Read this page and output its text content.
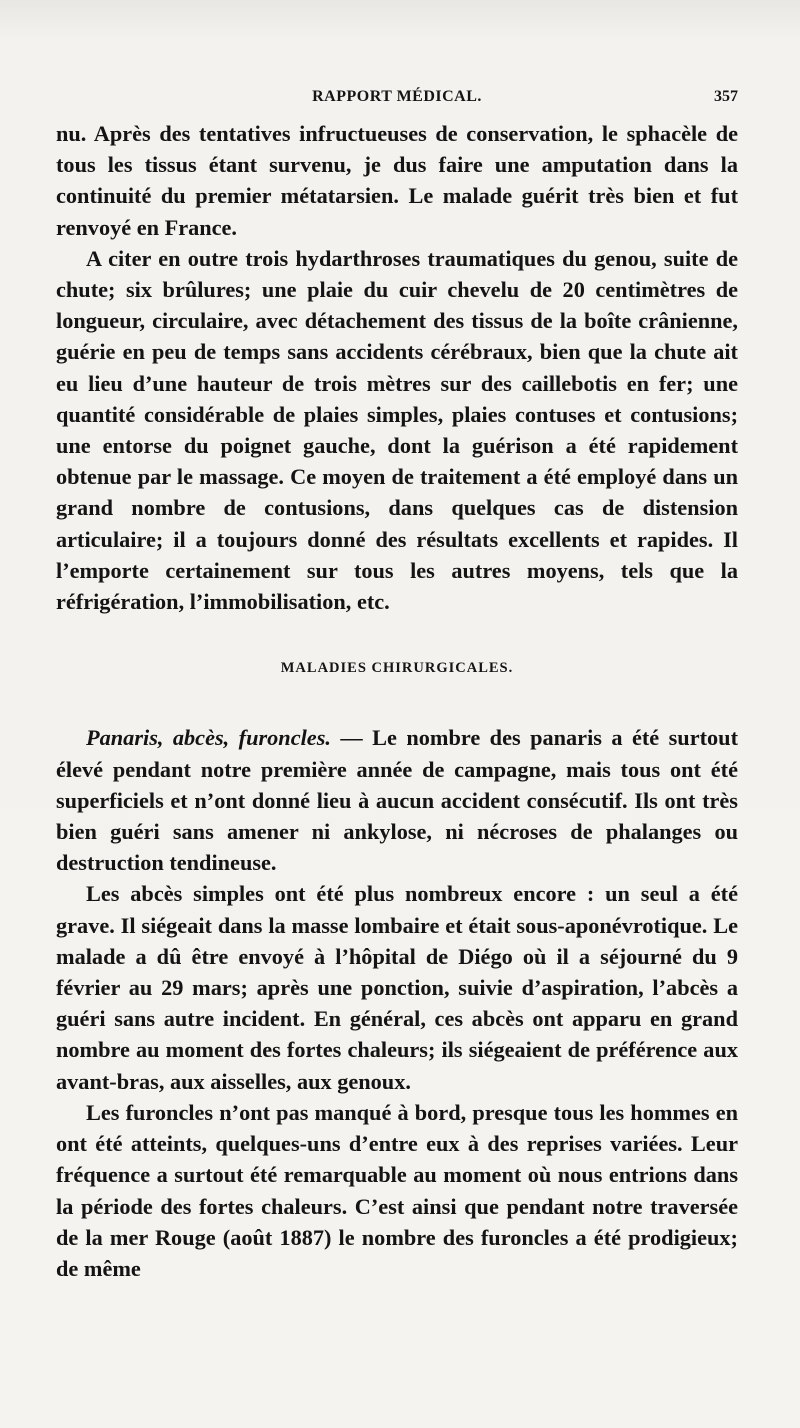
RAPPORT MÉDICAL.	357

nu. Après des tentatives infructueuses de conservation, le sphacèle de tous les tissus étant survenu, je dus faire une amputation dans la continuité du premier métatarsien. Le malade guérit très bien et fut renvoyé en France.

A citer en outre trois hydarthroses traumatiques du genou, suite de chute; six brûlures; une plaie du cuir chevelu de 20 centimètres de longueur, circulaire, avec détachement des tissus de la boîte crânienne, guérie en peu de temps sans accidents cérébraux, bien que la chute ait eu lieu d’une hauteur de trois mètres sur des caillebotis en fer; une quantité considérable de plaies simples, plaies contuses et contusions; une entorse du poignet gauche, dont la guérison a été rapidement obtenue par le massage. Ce moyen de traitement a été employé dans un grand nombre de contusions, dans quelques cas de distension articulaire; il a toujours donné des résultats excellents et rapides. Il l’emporte certainement sur tous les autres moyens, tels que la réfrigération, l’immobilisation, etc.

MALADIES CHIRURGICALES.

Panaris, abcès, furoncles. — Le nombre des panaris a été surtout élevé pendant notre première année de campagne, mais tous ont été superficiels et n’ont donné lieu à aucun accident consécutif. Ils ont très bien guéri sans amener ni ankylose, ni nécroses de phalanges ou destruction tendineuse.

Les abcès simples ont été plus nombreux encore : un seul a été grave. Il siégeait dans la masse lombaire et était sous-aponévrotique. Le malade a dû être envoyé à l’hôpital de Diégo où il a séjourné du 9 février au 29 mars; après une ponction, suivie d’aspiration, l’abcès a guéri sans autre incident. En général, ces abcès ont apparu en grand nombre au moment des fortes chaleurs; ils siégeaient de préférence aux avant-bras, aux aisselles, aux genoux.

Les furoncles n’ont pas manqué à bord, presque tous les hommes en ont été atteints, quelques-uns d’entre eux à des reprises variées. Leur fréquence a surtout été remarquable au moment où nous entrions dans la période des fortes chaleurs. C’est ainsi que pendant notre traversée de la mer Rouge (août 1887) le nombre des furoncles a été prodigieux; de même
